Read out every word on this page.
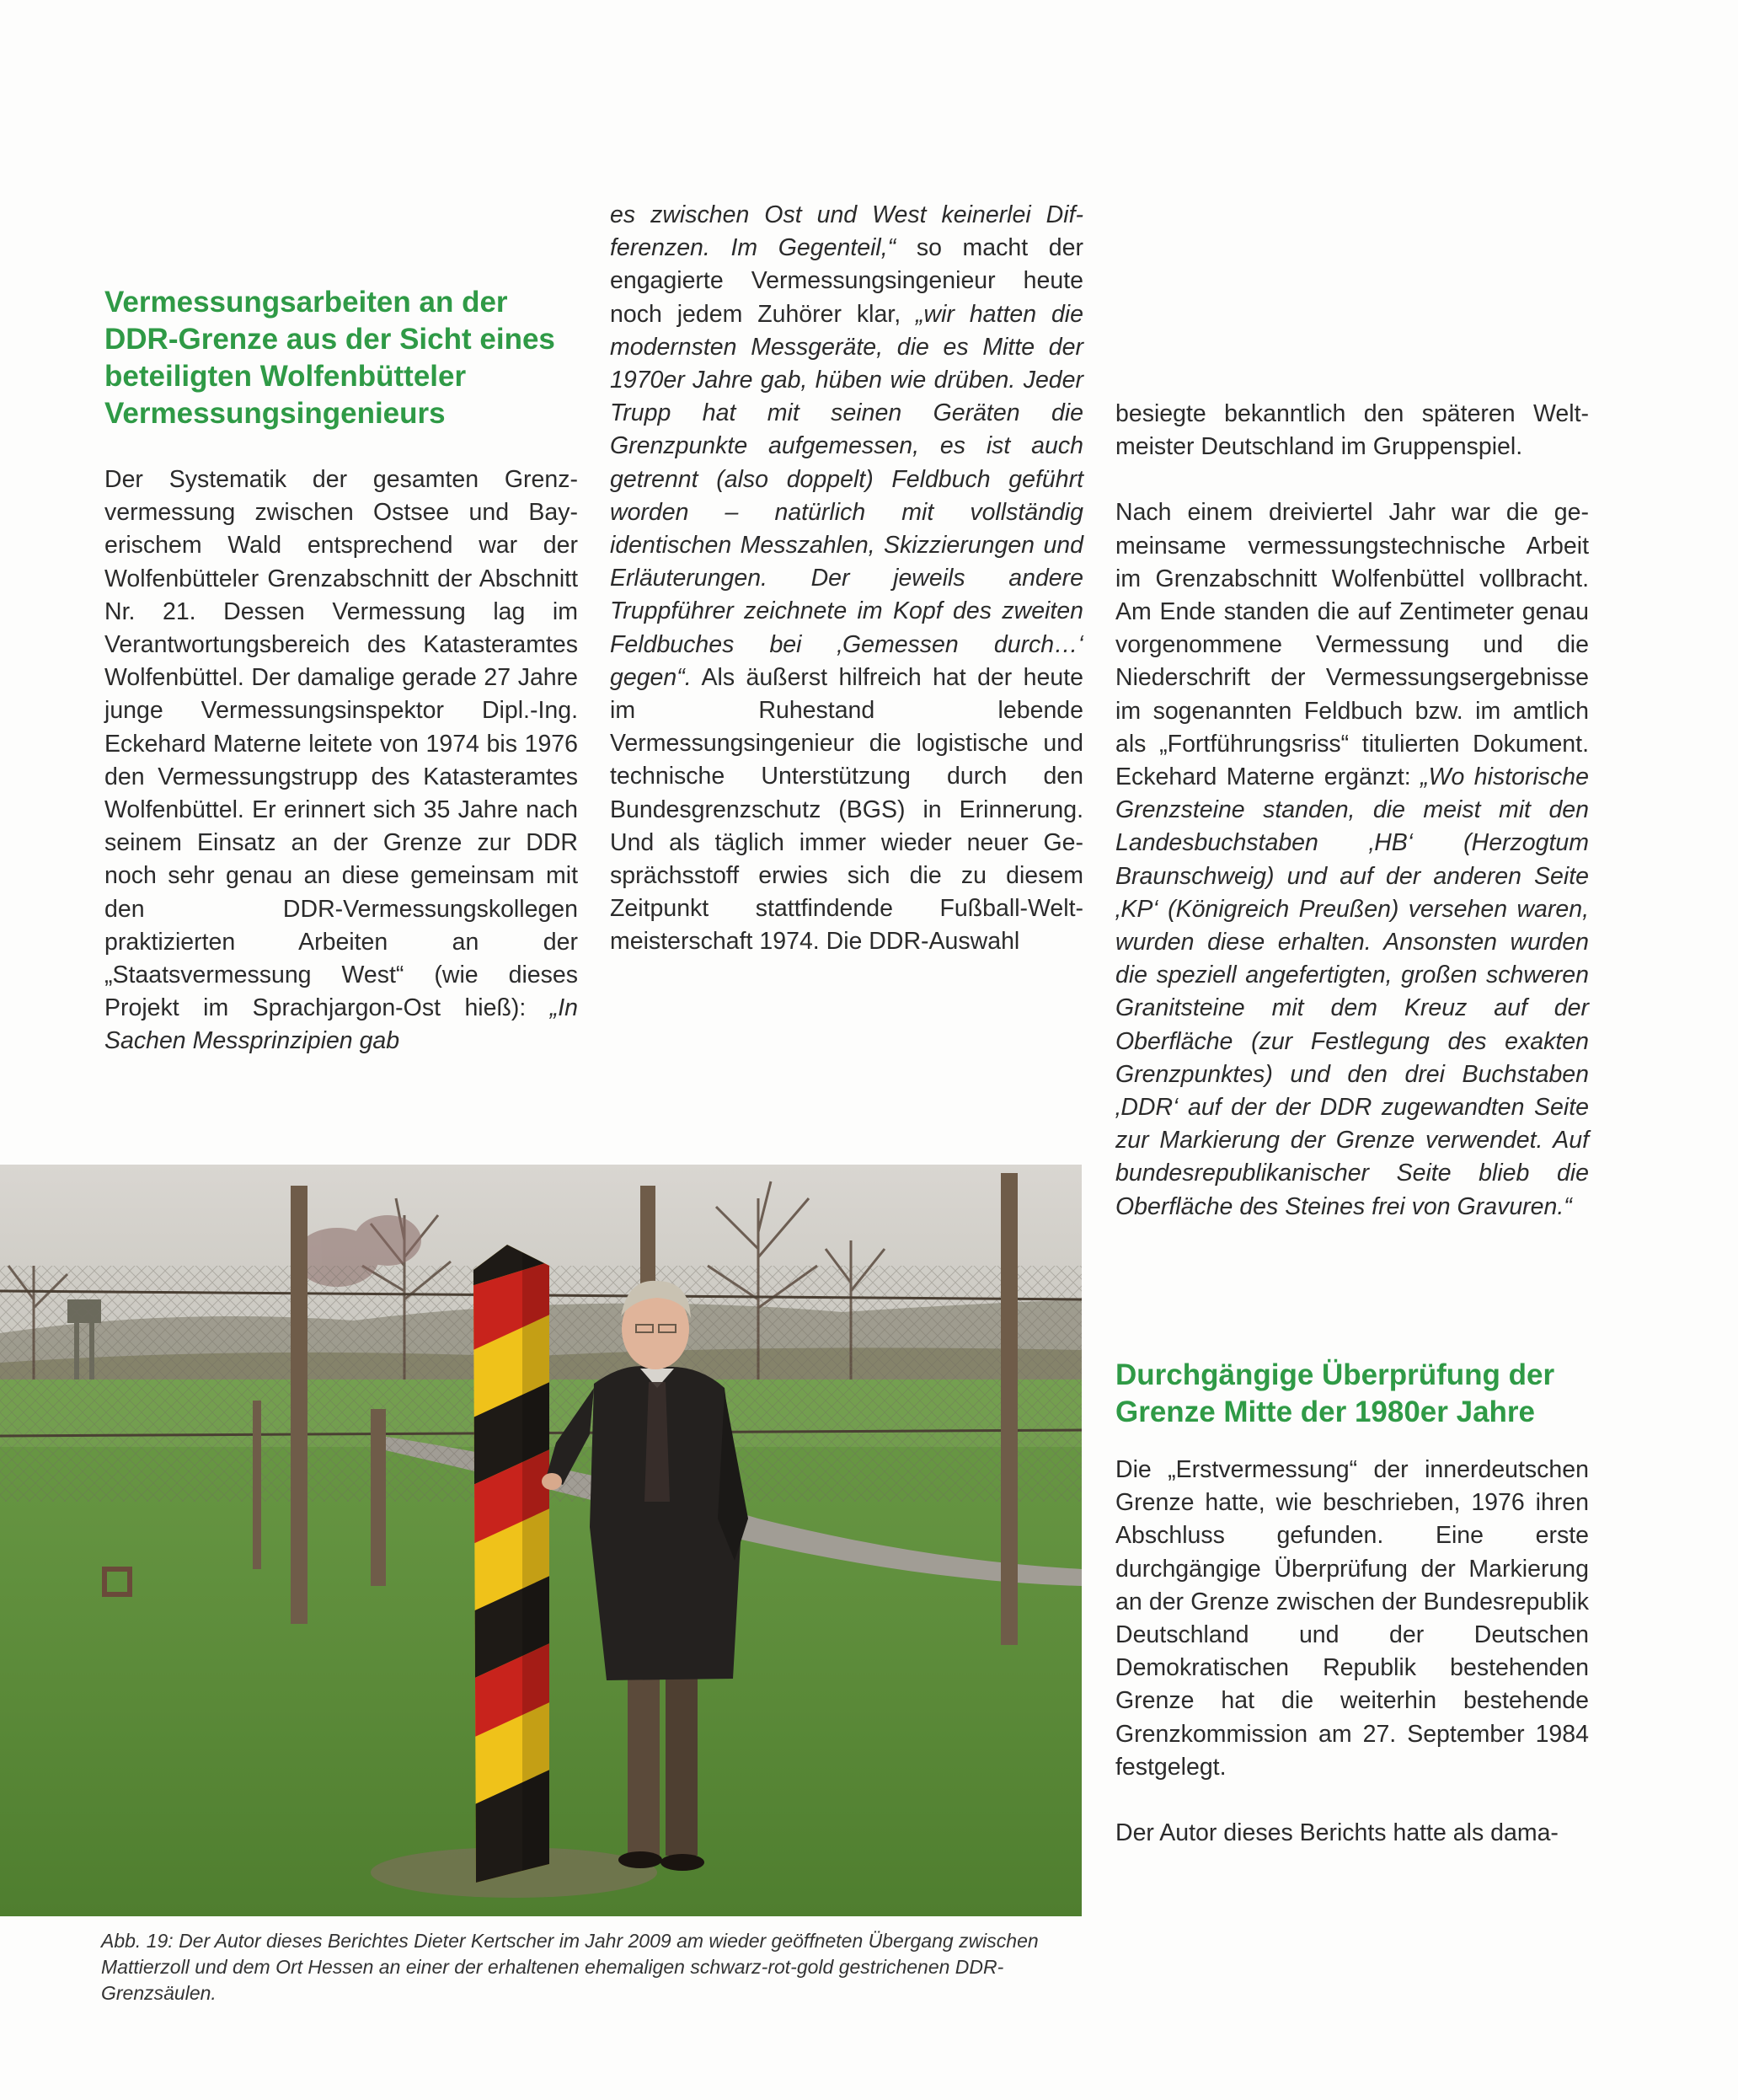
Vermessungsarbeiten an der DDR-Grenze aus der Sicht eines beteiligten Wolfenbütteler Vermessungsingenieurs

Der Systematik der gesamten Grenzvermessung zwischen Ostsee und Bayerischem Wald entsprechend war der Wolfenbütteler Grenzabschnitt der Abschnitt Nr. 21. Dessen Vermessung lag im Verantwortungsbereich des Katasteramtes Wolfenbüttel. Der damalige gerade 27 Jahre junge Vermessungsinspektor Dipl.-Ing. Eckehard Materne leitete von 1974 bis 1976 den Vermessungstrupp des Katasteramtes Wolfenbüttel. Er erinnert sich 35 Jahre nach seinem Einsatz an der Grenze zur DDR noch sehr genau an diese gemeinsam mit den DDR-Vermessungskollegen praktizierten Arbeiten an der „Staatsvermessung West“ (wie dieses Projekt im Sprachjargon-Ost hieß): „In Sachen Messprinzipien gab

es zwischen Ost und West keinerlei Differenzen. Im Gegenteil,“ so macht der engagierte Vermessungsingenieur heute noch jedem Zuhörer klar, „wir hatten die modernsten Messgeräte, die es Mitte der 1970er Jahre gab, hüben wie drüben. Jeder Trupp hat mit seinen Geräten die Grenzpunkte aufgemessen, es ist auch getrennt (also doppelt) Feldbuch geführt worden – natürlich mit vollständig identischen Messzahlen, Skizzierungen und Erläuterungen. Der jeweils andere Truppführer zeichnete im Kopf des zweiten Feldbuches bei ‚Gemessen durch…‘ gegen“. Als äußerst hilfreich hat der heute im Ruhestand lebende Vermessungsingenieur die logistische und technische Unterstützung durch den Bundesgrenzschutz (BGS) in Erinnerung. Und als täglich immer wieder neuer Gesprächsstoff erwies sich die zu diesem Zeitpunkt stattfindende Fußball-Weltmeisterschaft 1974. Die DDR-Auswahl

besiegte bekanntlich den späteren Weltmeister Deutschland im Gruppenspiel.

Nach einem dreiviertel Jahr war die gemeinsame vermessungstechnische Arbeit im Grenzabschnitt Wolfenbüttel vollbracht. Am Ende standen die auf Zentimeter genau vorgenommene Vermessung und die Niederschrift der Vermessungsergebnisse im sogenannten Feldbuch bzw. im amtlich als „Fortführungsriss“ titulierten Dokument. Eckehard Materne ergänzt: „Wo historische Grenzsteine standen, die meist mit den Landesbuchstaben ‚HB‘ (Herzogtum Braunschweig) und auf der anderen Seite ‚KP‘ (Königreich Preußen) versehen waren, wurden diese erhalten. Ansonsten wurden die speziell angefertigten, großen schweren Granitsteine mit dem Kreuz auf der Oberfläche (zur Festlegung des exakten Grenzpunktes) und den drei Buchstaben ‚DDR‘ auf der der DDR zugewandten Seite zur Markierung der Grenze verwendet. Auf bundesrepublikanischer Seite blieb die Oberfläche des Steines frei von Gravuren.“

Durchgängige Überprüfung der Grenze Mitte der 1980er Jahre

Die „Erstvermessung“ der innerdeutschen Grenze hatte, wie beschrieben, 1976 ihren Abschluss gefunden. Eine erste durchgängige Überprüfung der Markierung an der Grenze zwischen der Bundesrepublik Deutschland und der Deutschen Demokratischen Republik bestehenden Grenze hat die weiterhin bestehende Grenzkommission am 27. September 1984 festgelegt.

Der Autor dieses Berichts hatte als dama-

Abb. 19: Der Autor dieses Berichtes Dieter Kertscher im Jahr 2009 am wieder geöffneten Übergang zwischen Mattierzoll und dem Ort Hessen an einer der erhaltenen ehemaligen schwarz-rot-gold gestrichenen DDR-Grenzsäulen.
